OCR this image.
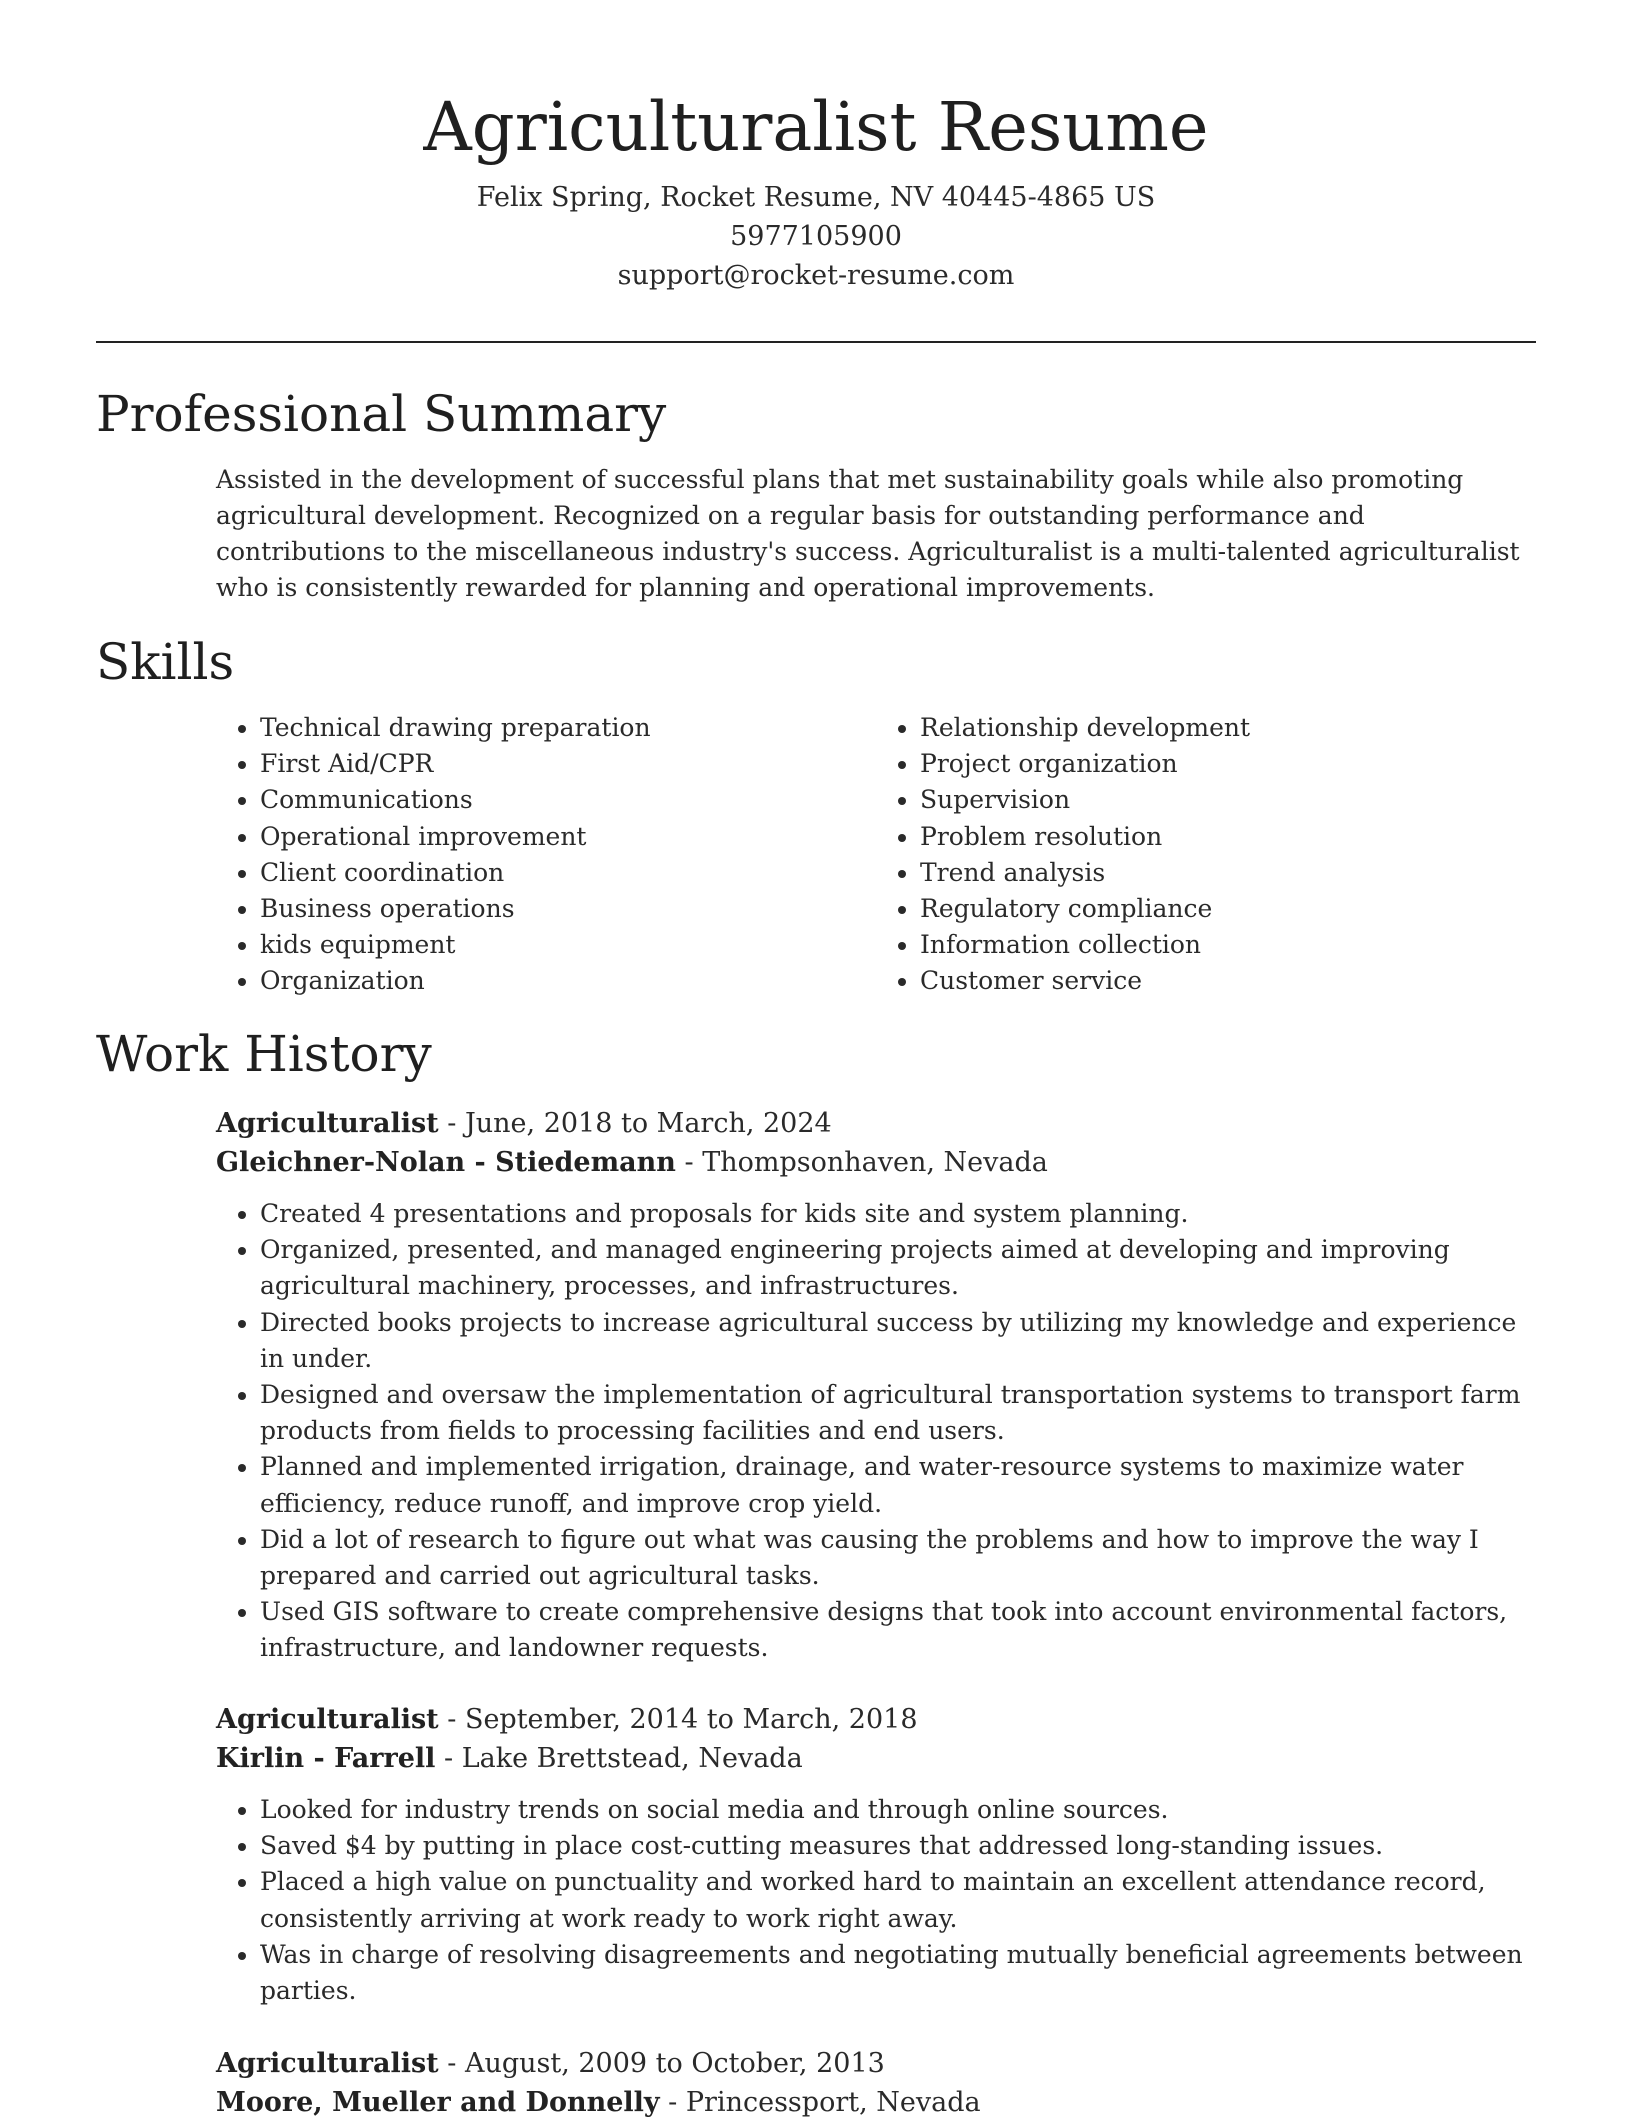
Agriculturalist Resume
Felix Spring, Rocket Resume, NV 40445-4865 US
5977105900
support@rocket-resume.com
Professional Summary
Assisted in the development of successful plans that met sustainability goals while also promoting agricultural development. Recognized on a regular basis for outstanding performance and contributions to the miscellaneous industry's success. Agriculturalist is a multi-talented agriculturalist who is consistently rewarded for planning and operational improvements.
Skills
• Technical drawing preparation
• First Aid/CPR
• Communications
• Operational improvement
• Client coordination
• Business operations
• kids equipment
• Organization
• Relationship development
• Project organization
• Supervision
• Problem resolution
• Trend analysis
• Regulatory compliance
• Information collection
• Customer service
Work History
Agriculturalist - June, 2018 to March, 2024
Gleichner-Nolan - Stiedemann - Thompsonhaven, Nevada
• Created 4 presentations and proposals for kids site and system planning.
• Organized, presented, and managed engineering projects aimed at developing and improving agricultural machinery, processes, and infrastructures.
• Directed books projects to increase agricultural success by utilizing my knowledge and experience in under.
• Designed and oversaw the implementation of agricultural transportation systems to transport farm products from fields to processing facilities and end users.
• Planned and implemented irrigation, drainage, and water-resource systems to maximize water efficiency, reduce runoff, and improve crop yield.
• Did a lot of research to figure out what was causing the problems and how to improve the way I prepared and carried out agricultural tasks.
• Used GIS software to create comprehensive designs that took into account environmental factors, infrastructure, and landowner requests.
Agriculturalist - September, 2014 to March, 2018
Kirlin - Farrell - Lake Brettstead, Nevada
• Looked for industry trends on social media and through online sources.
• Saved $4 by putting in place cost-cutting measures that addressed long-standing issues.
• Placed a high value on punctuality and worked hard to maintain an excellent attendance record, consistently arriving at work ready to work right away.
• Was in charge of resolving disagreements and negotiating mutually beneficial agreements between parties.
Agriculturalist - August, 2009 to October, 2013
Moore, Mueller and Donnelly - Princessport, Nevada
